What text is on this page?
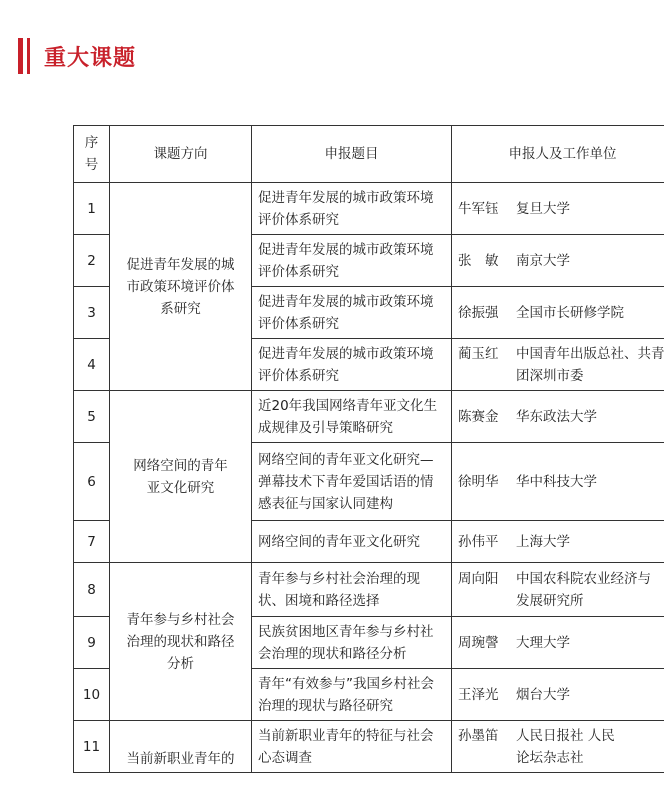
重大课题
序号	课题方向	申报题目	申报人及工作单位
1	促进青年发展的城市政策环境评价体系研究	促进青年发展的城市政策环境评价体系研究	牛军钰 复旦大学
2		促进青年发展的城市政策环境评价体系研究	张　敏 南京大学
3		促进青年发展的城市政策环境评价体系研究	徐振强 全国市长研修学院
4		促进青年发展的城市政策环境评价体系研究	蔺玉红 中国青年出版总社、共青团深圳市委
5	网络空间的青年亚文化研究	近20年我国网络青年亚文化生成规律及引导策略研究	陈赛金 华东政法大学
6		网络空间的青年亚文化研究—弹幕技术下青年爱国话语的情感表征与国家认同建构	徐明华 华中科技大学
7		网络空间的青年亚文化研究	孙伟平 上海大学
8	青年参与乡村社会治理的现状和路径分析	青年参与乡村社会治理的现状、困境和路径选择	周向阳 中国农科院农业经济与发展研究所
9		民族贫困地区青年参与乡村社会治理的现状和路径分析	周琬謦 大理大学
10		青年“有效参与”我国乡村社会治理的现状与路径研究	王泽光 烟台大学
11	当前新职业青年的	当前新职业青年的特征与社会心态调查	孙墨笛 人民日报社 人民论坛杂志社
